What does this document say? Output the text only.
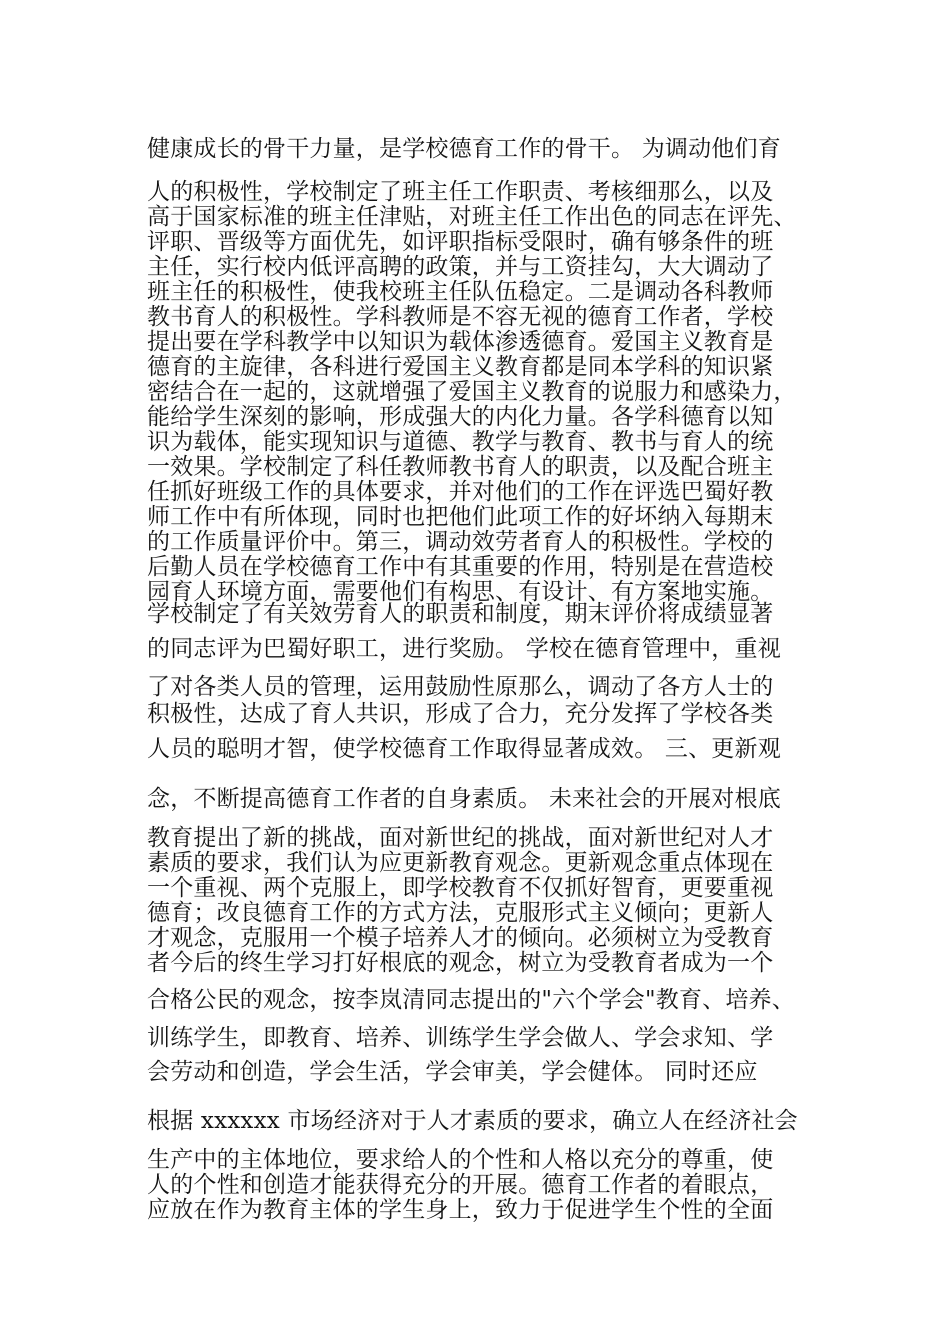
健康成长的骨干力量，是学校德育工作的骨干。 为调动他们育
人的积极性，学校制定了班主任工作职责、考核细那么，以及
高于国家标准的班主任津贴，对班主任工作出色的同志在评先、
评职、晋级等方面优先，如评职指标受限时，确有够条件的班
主任，实行校内低评高聘的政策，并与工资挂勾，大大调动了
班主任的积极性，使我校班主任队伍稳定。二是调动各科教师
教书育人的积极性。学科教师是不容无视的德育工作者，学校
提出要在学科教学中以知识为载体渗透德育。爱国主义教育是
德育的主旋律，各科进行爱国主义教育都是同本学科的知识紧
密结合在一起的，这就增强了爱国主义教育的说服力和感染力，
能给学生深刻的影响，形成强大的内化力量。各学科德育以知
识为载体，能实现知识与道德、教学与教育、教书与育人的统
一效果。学校制定了科任教师教书育人的职责，以及配合班主
任抓好班级工作的具体要求，并对他们的工作在评选巴蜀好教
师工作中有所体现，同时也把他们此项工作的好坏纳入每期末
的工作质量评价中。第三，调动效劳者育人的积极性。学校的
后勤人员在学校德育工作中有其重要的作用，特别是在营造校
园育人环境方面，需要他们有构思、有设计、有方案地实施。
学校制定了有关效劳育人的职责和制度，期末评价将成绩显著
的同志评为巴蜀好职工，进行奖励。 学校在德育管理中，重视
了对各类人员的管理，运用鼓励性原那么，调动了各方人士的
积极性，达成了育人共识，形成了合力，充分发挥了学校各类
人员的聪明才智，使学校德育工作取得显著成效。 三、更新观
念，不断提高德育工作者的自身素质。 未来社会的开展对根底
教育提出了新的挑战，面对新世纪的挑战，面对新世纪对人才
素质的要求，我们认为应更新教育观念。更新观念重点体现在
一个重视、两个克服上，即学校教育不仅抓好智育，更要重视
德育；改良德育工作的方式方法，克服形式主义倾向；更新人
才观念，克服用一个模子培养人才的倾向。必须树立为受教育
者今后的终生学习打好根底的观念，树立为受教育者成为一个
合格公民的观念，按李岚清同志提出的"六个学会"教育、培养、
训练学生，即教育、培养、训练学生学会做人、学会求知、学
会劳动和创造，学会生活，学会审美，学会健体。 同时还应
根据 xxxxxx 市场经济对于人才素质的要求，确立人在经济社会
生产中的主体地位，要求给人的个性和人格以充分的尊重，使
人的个性和创造才能获得充分的开展。德育工作者的着眼点，
应放在作为教育主体的学生身上，致力于促进学生个性的全面
